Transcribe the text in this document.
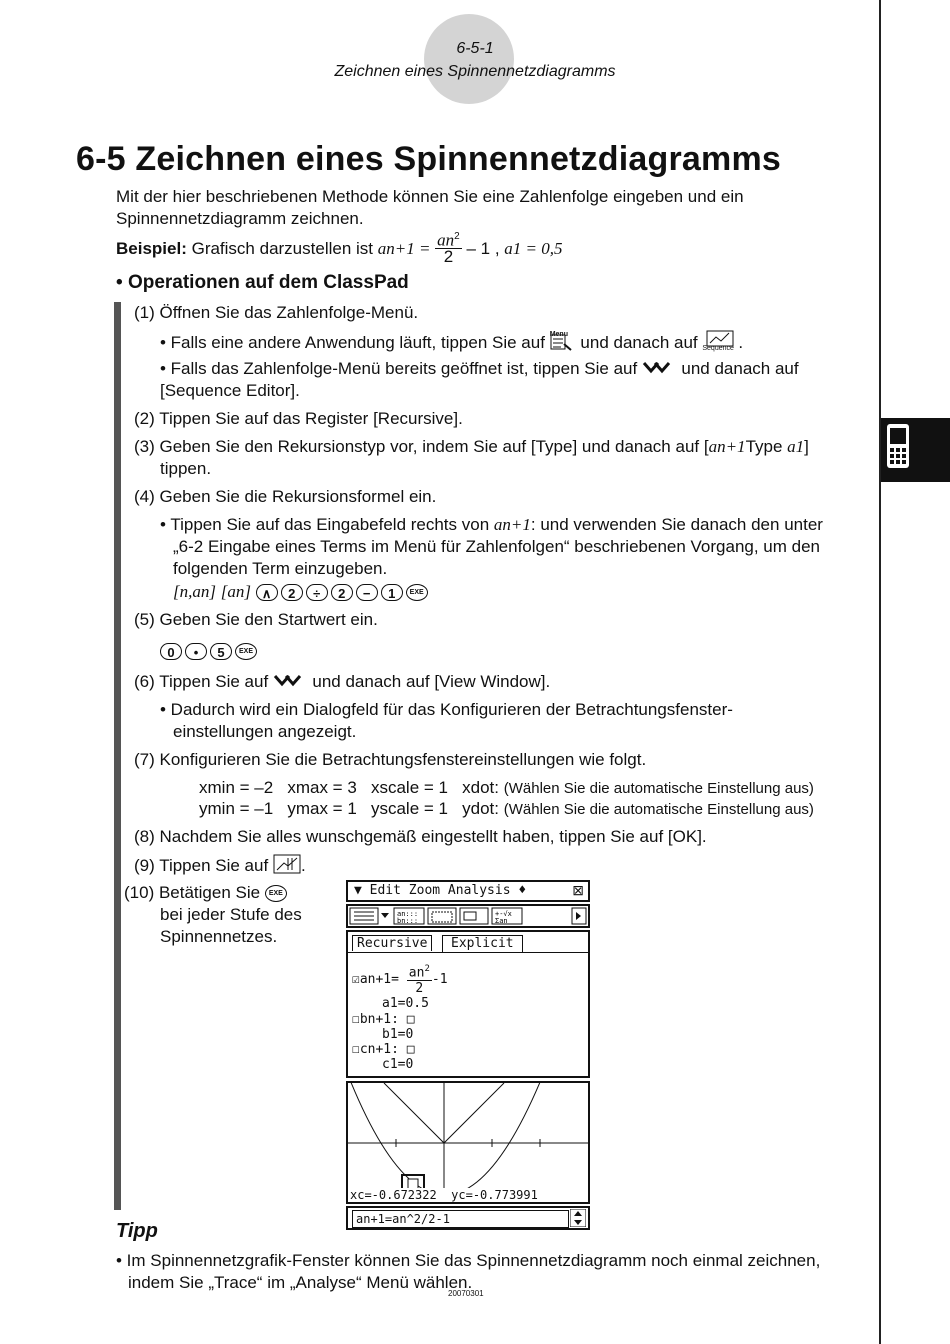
6-5-1
Zeichnen eines Spinnennetzdiagramms
6-5 Zeichnen eines Spinnennetzdiagramms
Mit der hier beschriebenen Methode können Sie eine Zahlenfolge eingeben und ein Spinnennetzdiagramm zeichnen.
Beispiel: Grafisch darzustellen ist $an+1 = \frac{an^2}{2} - 1$ , a1 = 0,5
• Operationen auf dem ClassPad
(1) Öffnen Sie das Zahlenfolge-Menü.
• Falls eine andere Anwendung läuft, tippen Sie auf Menu und danach auf Sequence .
• Falls das Zahlenfolge-Menü bereits geöffnet ist, tippen Sie auf	und danach auf
[Sequence Editor].
(2) Tippen Sie auf das Register [Recursive].
(3) Geben Sie den Rekursionstyp vor, indem Sie auf [Type] und danach auf [an+1Type a1]
tippen.
(4) Geben Sie die Rekursionsformel ein.
• Tippen Sie auf das Eingabefeld rechts von an+1: und verwenden Sie danach den unter
„6-2 Eingabe eines Terms im Menü für Zahlenfolgen“ beschriebenen Vorgang, um den
folgenden Term einzugeben.
[n,an] [an] ∧ 2 ÷ 2 − 1 EXE
(5) Geben Sie den Startwert ein.
0 • 5 EXE
(6) Tippen Sie auf	und danach auf [View Window].
• Dadurch wird ein Dialogfeld für das Konfigurieren der Betrachtungsfenster-
einstellungen angezeigt.
(7) Konfigurieren Sie die Betrachtungsfenstereinstellungen wie folgt.
xmin = –2   xmax = 3   xscale = 1   xdot: (Wählen Sie die automatische Einstellung aus)
ymin = –1   ymax = 1   yscale = 1   ydot: (Wählen Sie die automatische Einstellung aus)
(8) Nachdem Sie alles wunschgemäß eingestellt haben, tippen Sie auf [OK].
(9) Tippen Sie auf .
(10) Betätigen Sie EXE
bei jeder Stufe des
Spinnennetzes.
▼ Edit Zoom Analysis ♦	⊠
an:::
bn:::
+-√x
Σan
Recursive	Explicit
☑an+1= $\frac{an^2}{2} -1$
a1=0.5
☐bn+1: □
b1=0
☐cn+1: □
c1=0
xc=-0.672322  yc=-0.773991
an+1=an^2/2-1
Tipp
• Im Spinnennetzgrafik-Fenster können Sie das Spinnennetzdiagramm noch einmal zeichnen,
indem Sie „Trace“ im „Analyse“ Menü wählen.
20070301
